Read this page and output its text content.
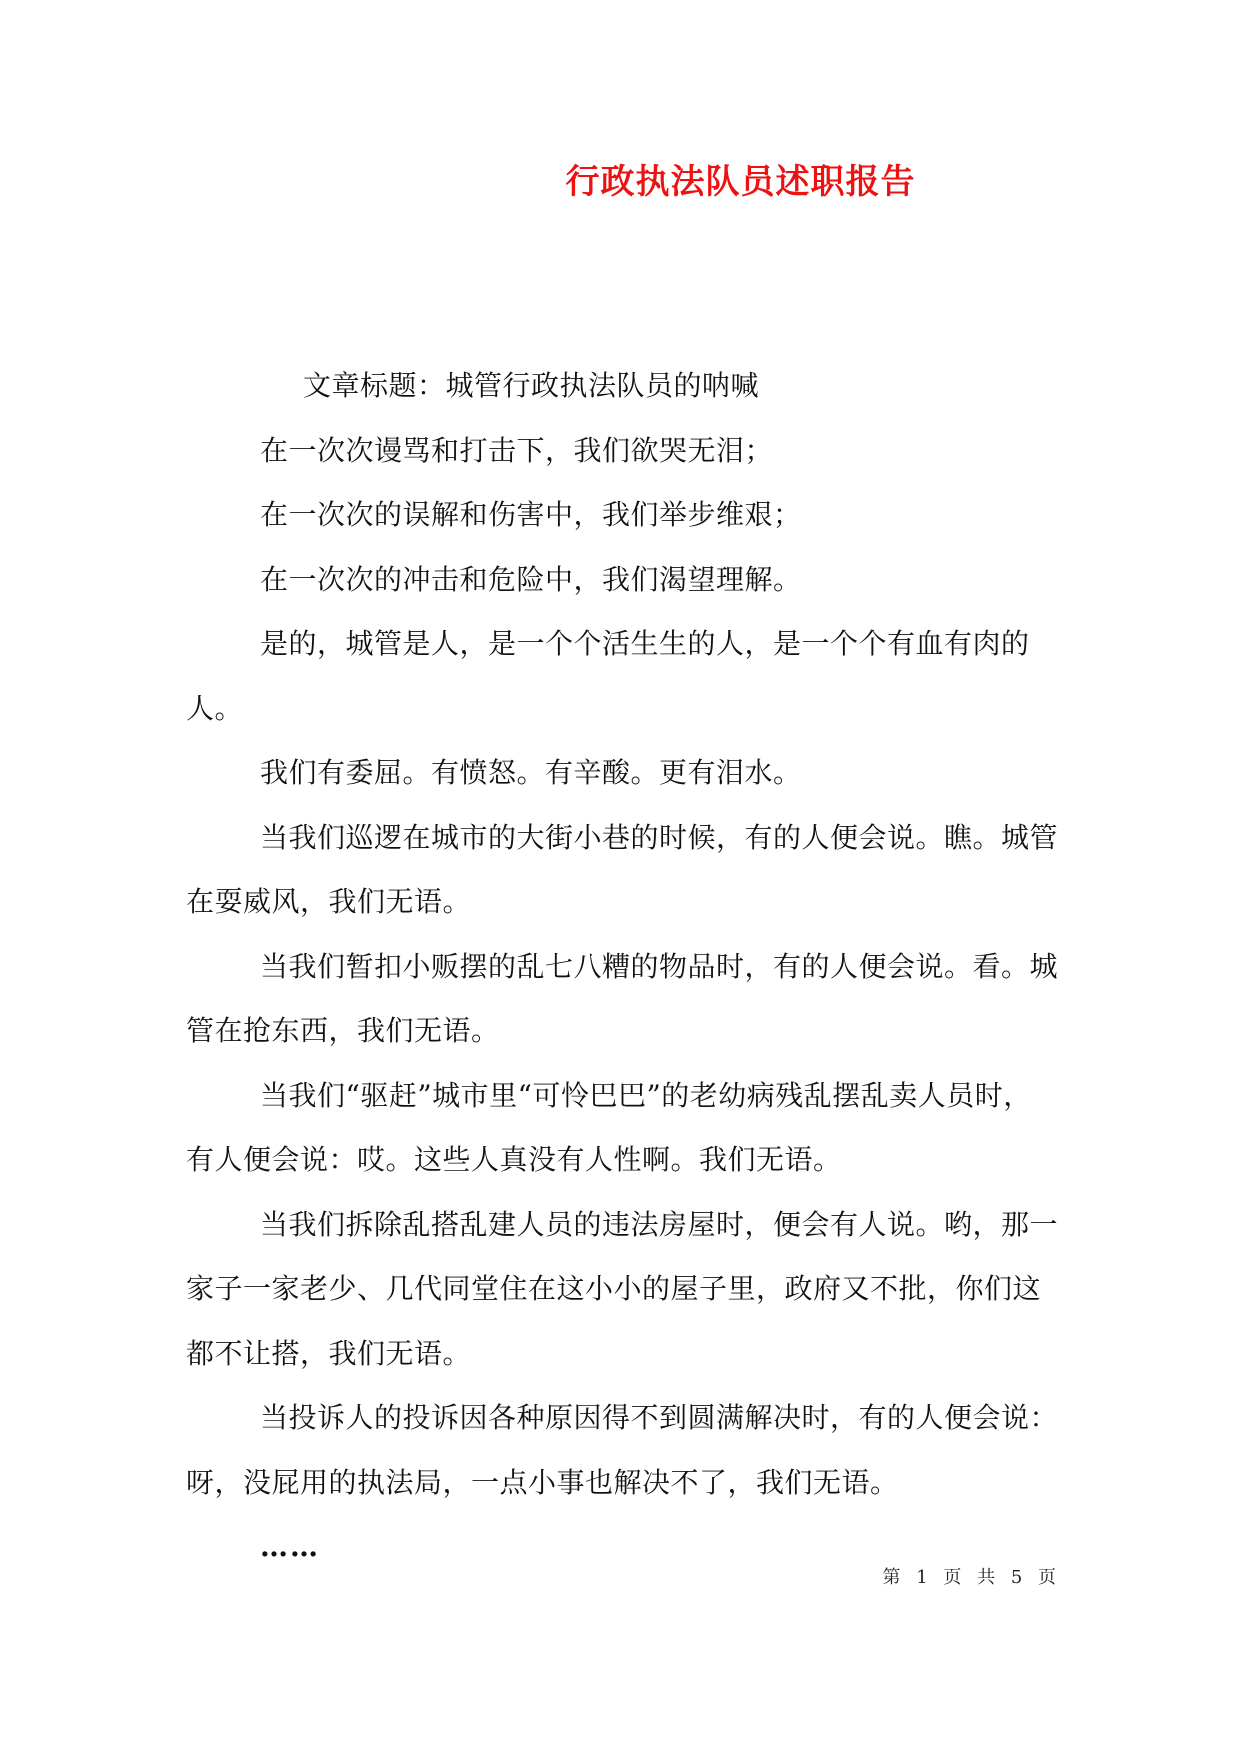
行政执法队员述职报告

文章标题：城管行政执法队员的呐喊

在一次次谩骂和打击下，我们欲哭无泪；

在一次次的误解和伤害中，我们举步维艰；

在一次次的冲击和危险中，我们渴望理解。

是的，城管是人，是一个个活生生的人，是一个个有血有肉的人。

我们有委屈。有愤怒。有辛酸。更有泪水。

当我们巡逻在城市的大街小巷的时候，有的人便会说。瞧。城管在耍威风，我们无语。

当我们暂扣小贩摆的乱七八糟的物品时，有的人便会说。看。城管在抢东西，我们无语。

当我们“驱赶”城市里“可怜巴巴”的老幼病残乱摆乱卖人员时，有人便会说：哎。这些人真没有人性啊。我们无语。

当我们拆除乱搭乱建人员的违法房屋时，便会有人说。哟，那一家子一家老少、几代同堂住在这小小的屋子里，政府又不批，你们这都不让搭，我们无语。

当投诉人的投诉因各种原因得不到圆满解决时，有的人便会说：呀，没屁用的执法局，一点小事也解决不了，我们无语。

……

第 1 页 共 5 页
